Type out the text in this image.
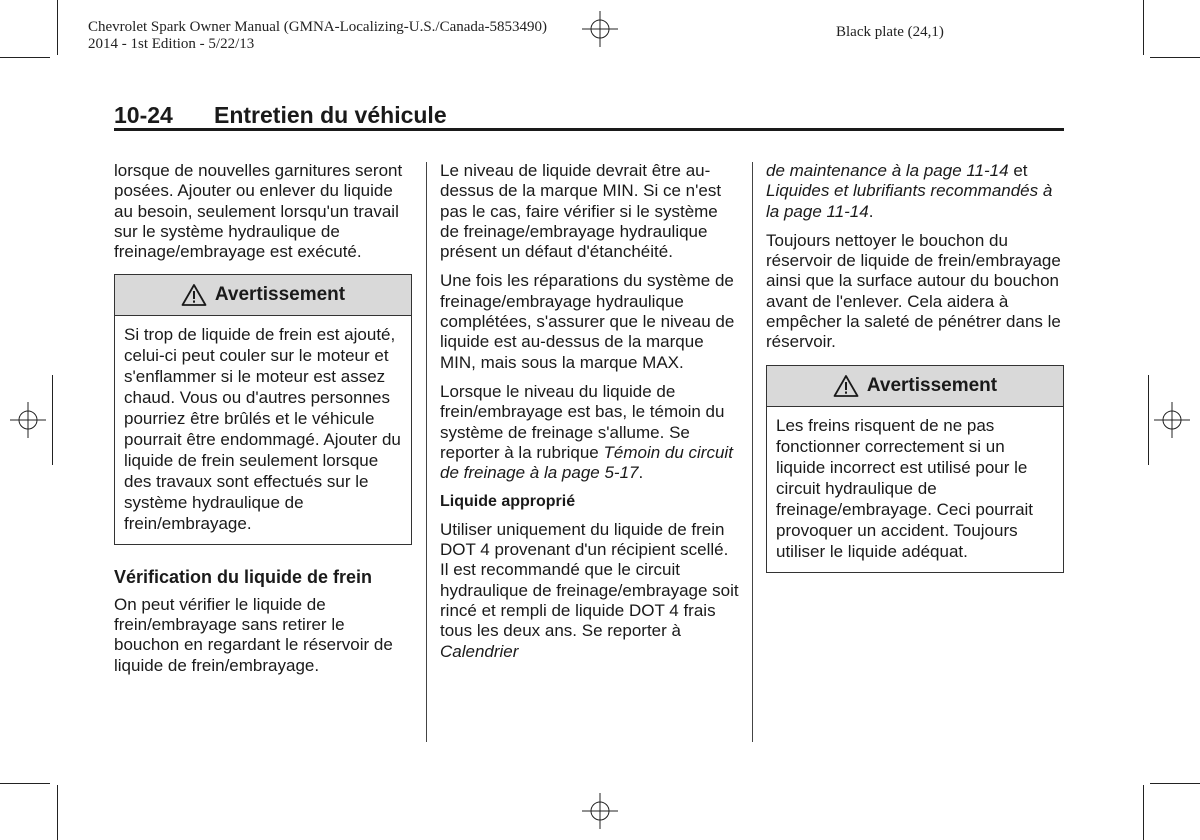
Chevrolet Spark Owner Manual (GMNA-Localizing-U.S./Canada-5853490)
2014 - 1st Edition - 5/22/13
Black plate (24,1)
10-24 Entretien du véhicule

lorsque de nouvelles garnitures seront posées. Ajouter ou enlever du liquide au besoin, seulement lorsqu'un travail sur le système hydraulique de freinage/embrayage est exécuté.

Avertissement
Si trop de liquide de frein est ajouté, celui-ci peut couler sur le moteur et s'enflammer si le moteur est assez chaud. Vous ou d'autres personnes pourriez être brûlés et le véhicule pourrait être endommagé. Ajouter du liquide de frein seulement lorsque des travaux sont effectués sur le système hydraulique de frein/embrayage.

Vérification du liquide de frein

On peut vérifier le liquide de frein/embrayage sans retirer le bouchon en regardant le réservoir de liquide de frein/embrayage.

Le niveau de liquide devrait être au-dessus de la marque MIN. Si ce n'est pas le cas, faire vérifier si le système de freinage/embrayage hydraulique présent un défaut d'étanchéité.

Une fois les réparations du système de freinage/embrayage hydraulique complétées, s'assurer que le niveau de liquide est au-dessus de la marque MIN, mais sous la marque MAX.

Lorsque le niveau du liquide de frein/embrayage est bas, le témoin du système de freinage s'allume. Se reporter à la rubrique Témoin du circuit de freinage à la page 5-17.

Liquide approprié

Utiliser uniquement du liquide de frein DOT 4 provenant d'un récipient scellé. Il est recommandé que le circuit hydraulique de freinage/embrayage soit rincé et rempli de liquide DOT 4 frais tous les deux ans. Se reporter à Calendrier

de maintenance à la page 11-14 et Liquides et lubrifiants recommandés à la page 11-14.

Toujours nettoyer le bouchon du réservoir de liquide de frein/embrayage ainsi que la surface autour du bouchon avant de l'enlever. Cela aidera à empêcher la saleté de pénétrer dans le réservoir.

Avertissement
Les freins risquent de ne pas fonctionner correctement si un liquide incorrect est utilisé pour le circuit hydraulique de freinage/embrayage. Ceci pourrait provoquer un accident. Toujours utiliser le liquide adéquat.
